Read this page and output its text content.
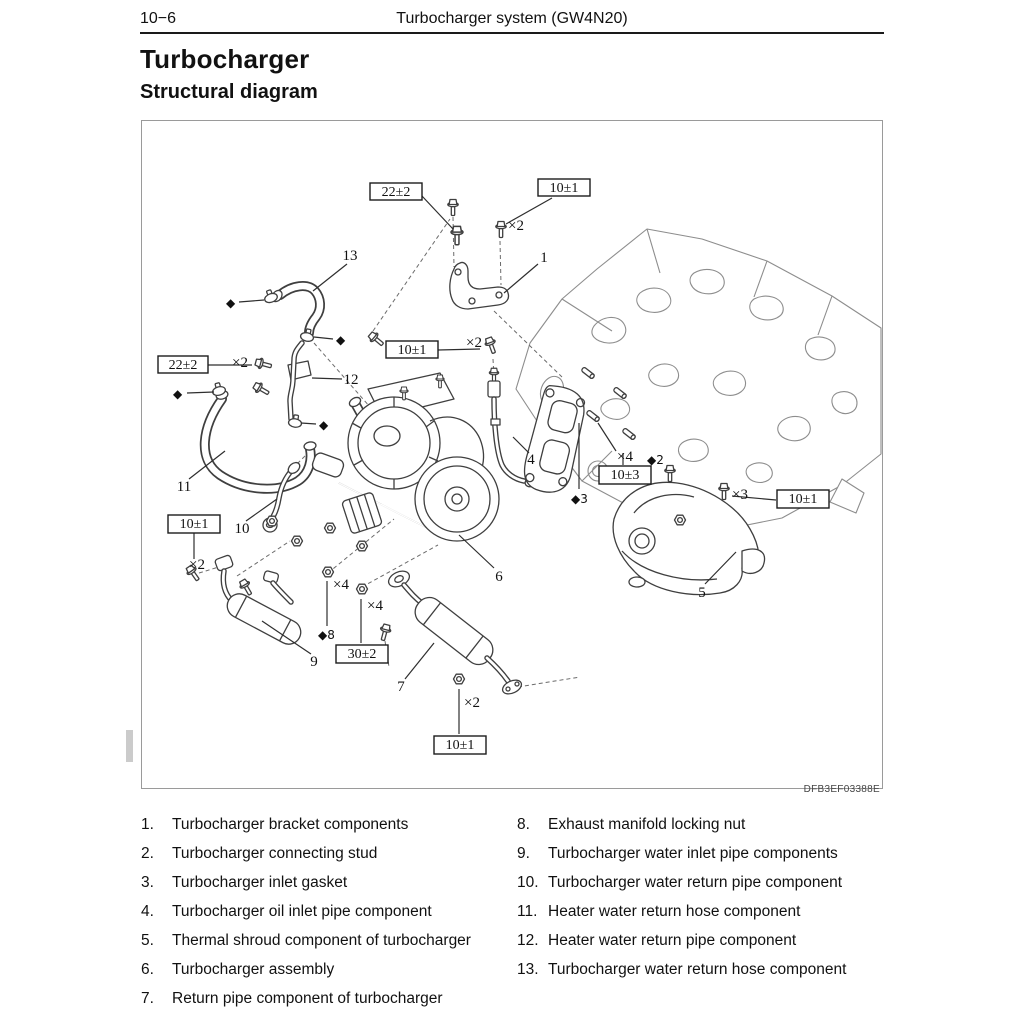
10−6	Turbocharger system (GW4N20)
Turbocharger
Structural diagram
22±2	10±1
10±1
22±2
10±1
10±3
10±1
30±2
10±1
1
4
5
6
7
9
10
11
12
13
×2
×2
×2
×2
×4
×3
×4
×4
×2
◆
◆
◆
◆
◆2
◆3
◆8
DFB3EF03388E
1.	Turbocharger bracket components
2.	Turbocharger connecting stud
3.	Turbocharger inlet gasket
4.	Turbocharger oil inlet pipe component
5.	Thermal shroud component of turbocharger
6.	Turbocharger assembly
7.	Return pipe component of turbocharger
8.	Exhaust manifold locking nut
9.	Turbocharger water inlet pipe components
10. Turbocharger water return pipe component
11. Heater water return hose component
12. Heater water return pipe component
13. Turbocharger water return hose component
